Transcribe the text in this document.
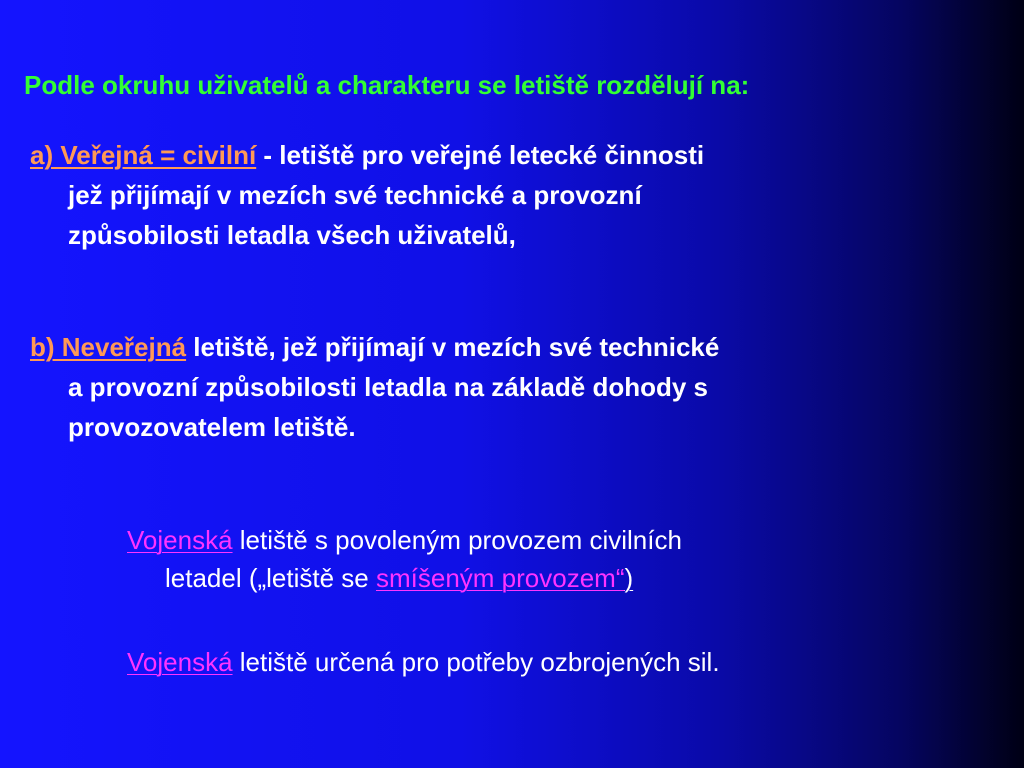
Podle okruhu uživatelů a charakteru se letiště rozdělují na:
a) Veřejná = civilní - letiště pro veřejné letecké činnosti
jež přijímají v mezích své technické a provozní
způsobilosti letadla všech uživatelů,
b) Neveřejná letiště, jež přijímají v mezích své technické
a provozní způsobilosti letadla na základě dohody s
provozovatelem letiště.
Vojenská letiště s povoleným provozem civilních
letadel („letiště se smíšeným provozem“)
Vojenská letiště určená pro potřeby ozbrojených sil.
